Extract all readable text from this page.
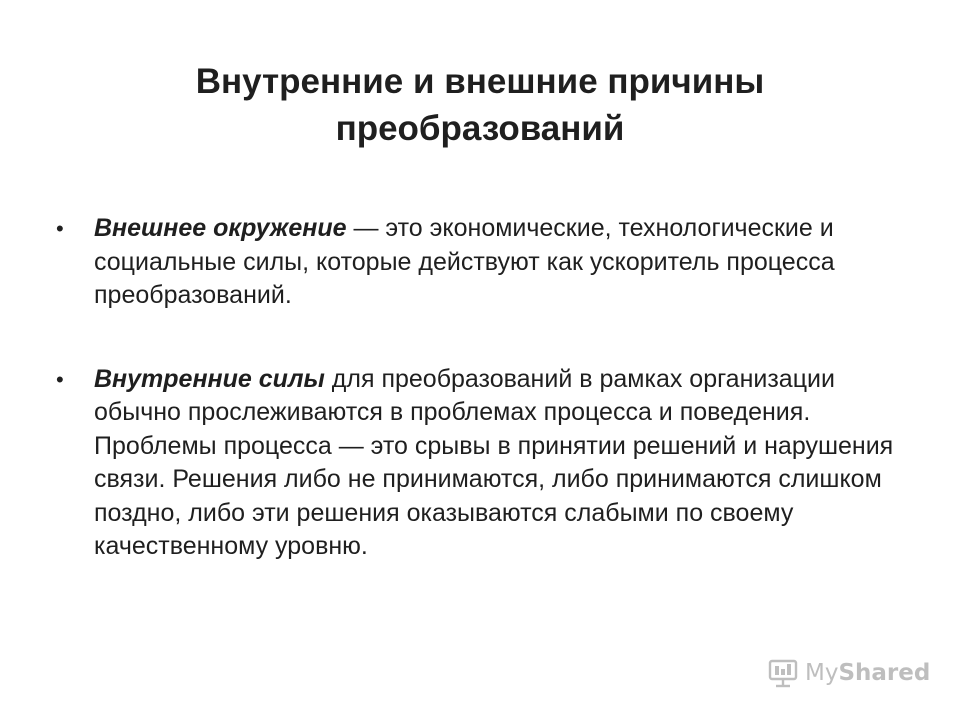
Внутренние и внешние причины
преобразований
• Внешнее окружение — это экономические, технологические и социальные силы, которые действуют как ускоритель процесса преобразований.
• Внутренние силы для преобразований в рамках организации обычно прослеживаются в проблемах процесса и поведения. Проблемы процесса — это срывы в принятии решений и нарушения связи. Решения либо не принимаются, либо принимаются слишком поздно, либо эти решения оказываются слабыми по своему качественному уровню.
MyShared
